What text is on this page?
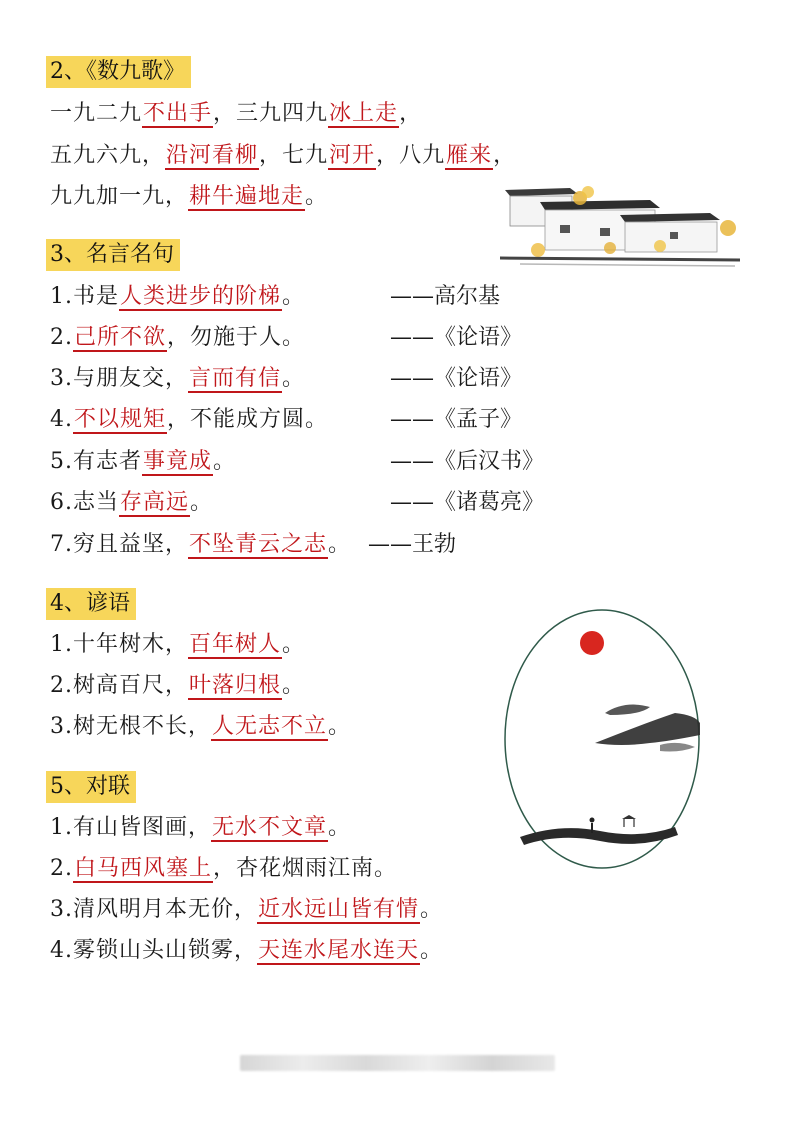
2、《数九歌》
一九二九不出手，三九四九冰上走，
五九六九，沿河看柳，七九河开，八九雁来，
九九加一九，耕牛遍地走。
3、名言名句
1.书是人类进步的阶梯。	——高尔基
2.己所不欲，勿施于人。	——《论语》
3.与朋友交，言而有信。	——《论语》
4.不以规矩，不能成方圆。	——《孟子》
5.有志者事竟成。	——《后汉书》
6.志当存高远。	——《诸葛亮》
7.穷且益坚，不坠青云之志。 ——王勃
4、谚语
1.十年树木，百年树人。
2.树高百尺，叶落归根。
3.树无根不长，人无志不立。
5、对联
1.有山皆图画，无水不文章。
2.白马西风塞上，杏花烟雨江南。
3.清风明月本无价，近水远山皆有情。
4.雾锁山头山锁雾，天连水尾水连天。
